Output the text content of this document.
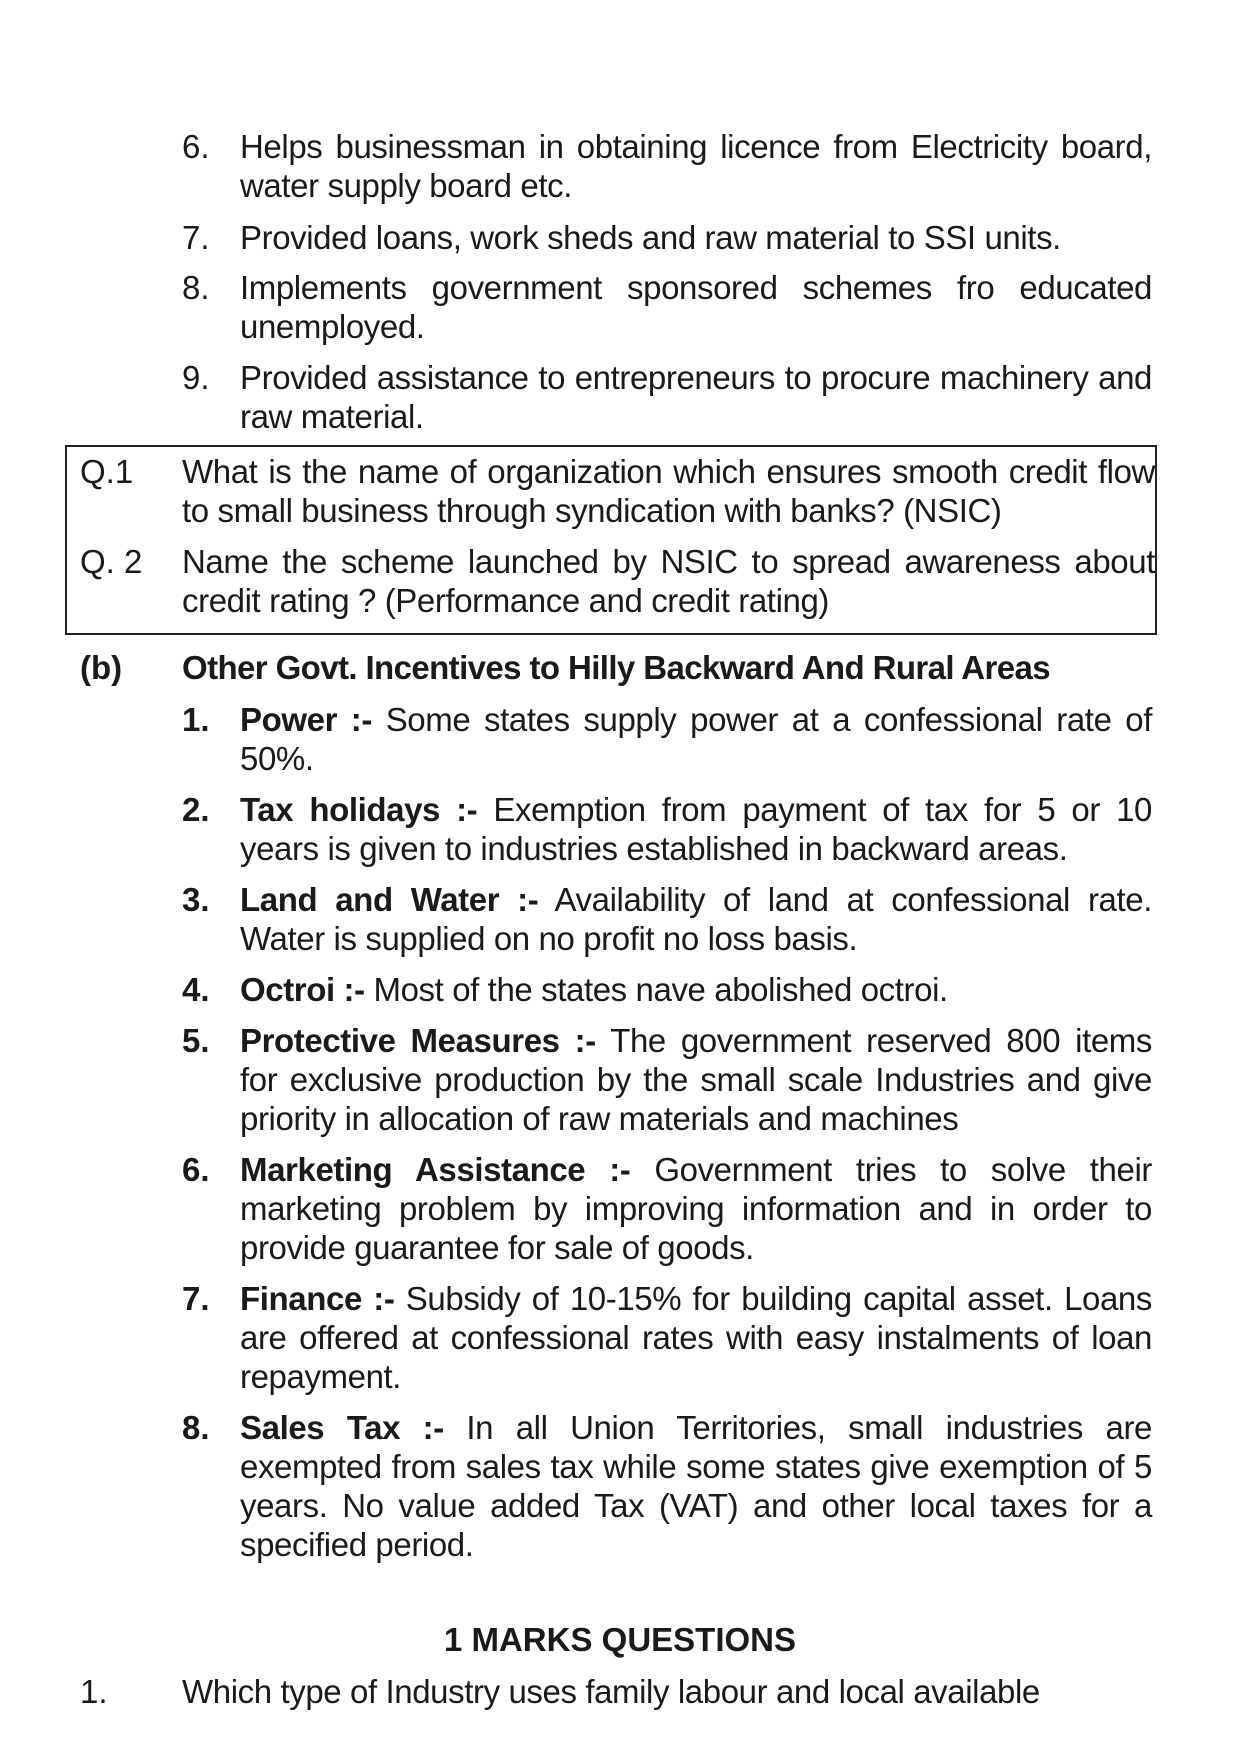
6. Helps businessman in obtaining licence from Electricity board, water supply board etc.
7. Provided loans, work sheds and raw material to SSI units.
8. Implements government sponsored schemes fro educated unemployed.
9. Provided assistance to entrepreneurs to procure machinery and raw material.
Q.1	What is the name of organization which ensures smooth credit flow to small business through syndication with banks? (NSIC)
Q. 2	Name the scheme launched by NSIC to spread awareness about credit rating ? (Performance and credit rating)
(b)	Other Govt. Incentives to Hilly Backward And Rural Areas
1. Power :- Some states supply power at a confessional rate of 50%.
2. Tax holidays :- Exemption from payment of tax for 5 or 10 years is given to industries established in backward areas.
3. Land and Water :- Availability of land at confessional rate. Water is supplied on no profit no loss basis.
4. Octroi :- Most of the states nave abolished octroi.
5. Protective Measures :- The government reserved 800 items for exclusive production by the small scale Industries and give priority in allocation of raw materials and machines
6. Marketing Assistance :- Government tries to solve their marketing problem by improving information and in order to provide guarantee for sale of goods.
7. Finance :- Subsidy of 10-15% for building capital asset. Loans are offered at confessional rates with easy instalments of loan repayment.
8. Sales Tax :- In all Union Territories, small industries are exempted from sales tax while some states give exemption of 5 years. No value added Tax (VAT) and other local taxes for a specified period.
1 MARKS QUESTIONS
1.	Which type of Industry uses family labour and local available
